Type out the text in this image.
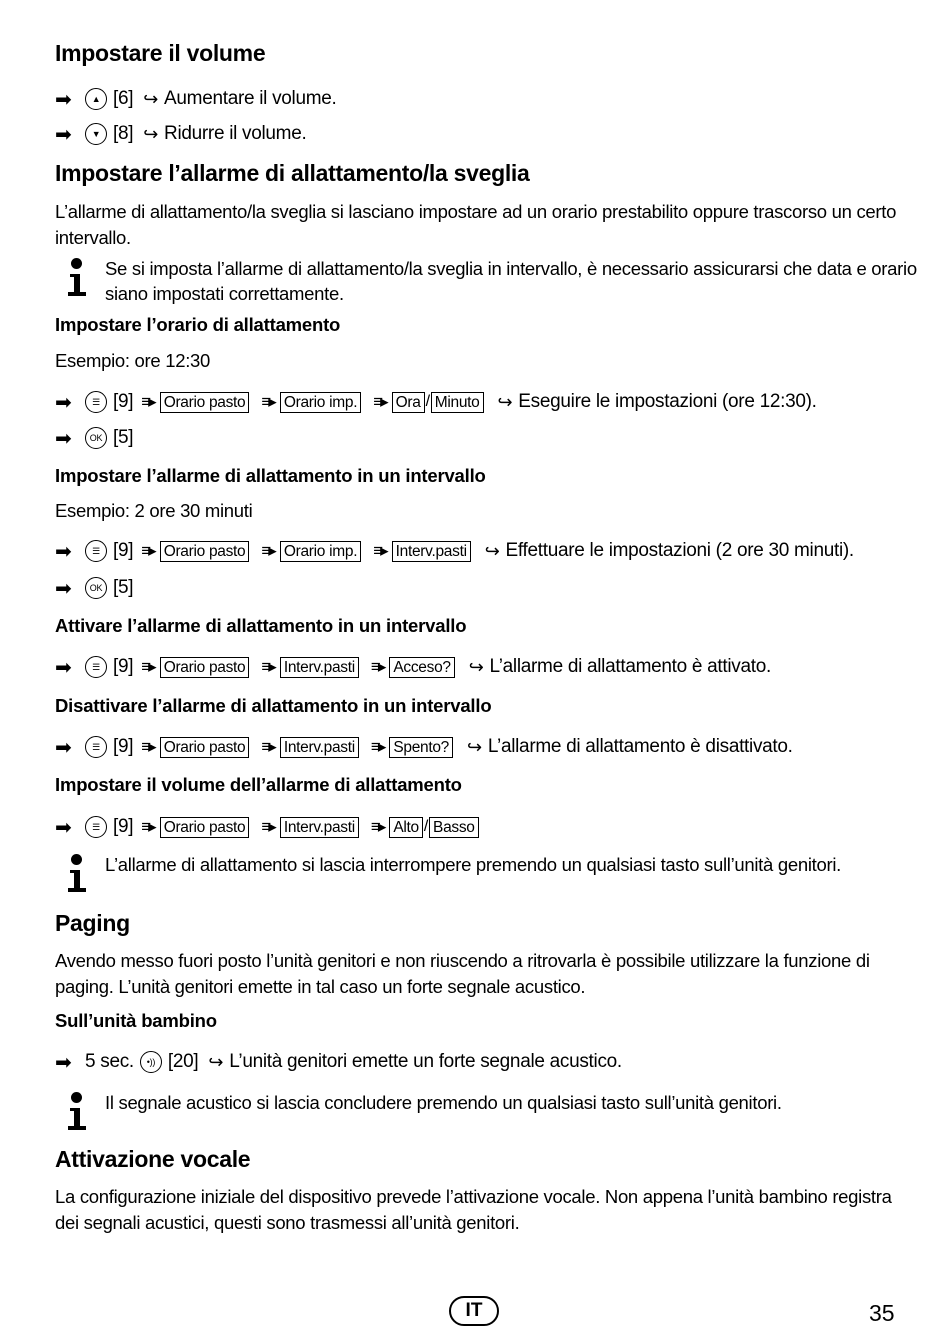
Impostare il volume
➡	▲ [6] ↪ Aumentare il volume.
➡	▼ [8] ↪ Ridurre il volume.
Impostare l’allarme di allattamento/la sveglia
L’allarme di allattamento/la sveglia si lasciano impostare ad un orario prestabilito oppure trascorso un certo intervallo.
Se si imposta l’allarme di allattamento/la sveglia in intervallo, è necessario assicurarsi che data e orario siano impostati correttamente.
Impostare l’orario di allattamento
Esempio: ore 12:30
➡	☰ [9] ≡▸ Orario pasto ≡▸ Orario imp. ≡▸ Ora / Minuto ↪ Eseguire le impostazioni (ore 12:30).
➡	OK [5]
Impostare l’allarme di allattamento in un intervallo
Esempio: 2 ore 30 minuti
➡	☰ [9] ≡▸ Orario pasto ≡▸ Orario imp. ≡▸ Interv.pasti ↪ Effettuare le impostazioni (2 ore 30 minuti).
➡	OK [5]
Attivare l’allarme di allattamento in un intervallo
➡	☰ [9] ≡▸ Orario pasto ≡▸ Interv.pasti ≡▸ Acceso? ↪ L’allarme di allattamento è attivato.
Disattivare l’allarme di allattamento in un intervallo
➡	☰ [9] ≡▸ Orario pasto ≡▸ Interv.pasti ≡▸ Spento? ↪ L’allarme di allattamento è disattivato.
Impostare il volume dell’allarme di allattamento
➡	☰ [9] ≡▸ Orario pasto ≡▸ Interv.pasti ≡▸ Alto / Basso
L’allarme di allattamento si lascia interrompere premendo un qualsiasi tasto sull’unità genitori.
Paging
Avendo messo fuori posto l’unità genitori e non riuscendo a ritrovarla è possibile utilizzare la funzione di paging. L’unità genitori emette in tal caso un forte segnale acustico.
Sull’unità bambino
➡ 5 sec.	•)) [20] ↪ L’unità genitori emette un forte segnale acustico.
Il segnale acustico si lascia concludere premendo un qualsiasi tasto sull’unità genitori.
Attivazione vocale
La configurazione iniziale del dispositivo prevede l’attivazione vocale. Non appena l’unità bambino registra dei segnali acustici, questi sono trasmessi all’unità genitori.
IT	35
